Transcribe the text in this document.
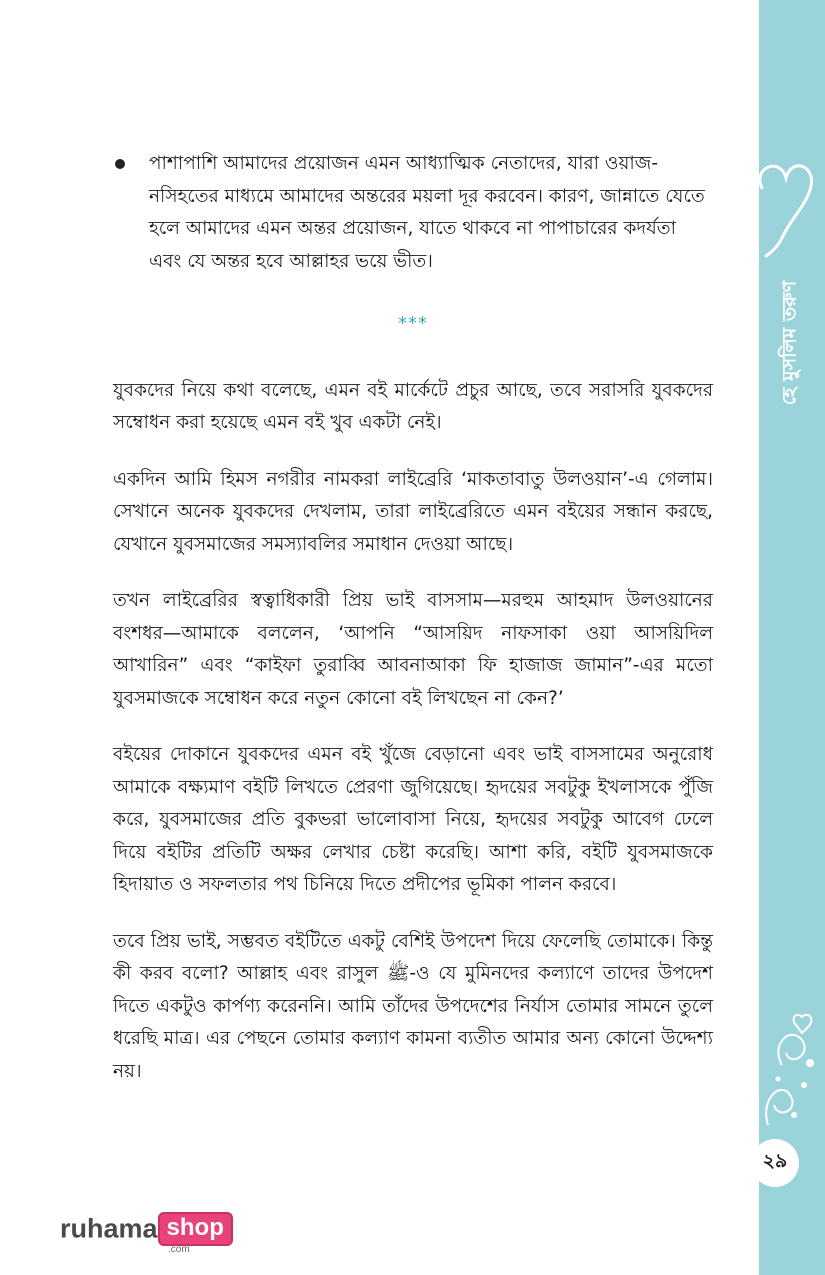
হে মুসলিম তরুণ
২৯

পাশাপাশি আমাদের প্রয়োজন এমন আধ্যাত্মিক নেতাদের, যারা ওয়াজ-নসিহতের মাধ্যমে আমাদের অন্তরের ময়লা দূর করবেন। কারণ, জান্নাতে যেতে হলে আমাদের এমন অন্তর প্রয়োজন, যাতে থাকবে না পাপাচারের কদর্যতা এবং যে অন্তর হবে আল্লাহর ভয়ে ভীত।

***

যুবকদের নিয়ে কথা বলেছে, এমন বই মার্কেটে প্রচুর আছে, তবে সরাসরি যুবকদের সম্বোধন করা হয়েছে এমন বই খুব একটা নেই।

একদিন আমি হিমস নগরীর নামকরা লাইব্রেরি ‘মাকতাবাতু উলওয়ান’-এ গেলাম। সেখানে অনেক যুবকদের দেখলাম, তারা লাইব্রেরিতে এমন বইয়ের সন্ধান করছে, যেখানে যুবসমাজের সমস্যাবলির সমাধান দেওয়া আছে।

তখন লাইব্রেরির স্বত্বাধিকারী প্রিয় ভাই বাসসাম—মরহুম আহমাদ উলওয়ানের বংশধর—আমাকে বললেন, ‘আপনি “আসয়িদ নাফসাকা ওয়া আসয়িদিল আখারিন” এবং “কাইফা তুরাব্বি আবনাআকা ফি হাজাজ জামান”-এর মতো যুবসমাজকে সম্বোধন করে নতুন কোনো বই লিখছেন না কেন?’

বইয়ের দোকানে যুবকদের এমন বই খুঁজে বেড়ানো এবং ভাই বাসসামের অনুরোধ আমাকে বক্ষ্যমাণ বইটি লিখতে প্রেরণা জুগিয়েছে। হৃদয়ের সবটুকু ইখলাসকে পুঁজি করে, যুবসমাজের প্রতি বুকভরা ভালোবাসা নিয়ে, হৃদয়ের সবটুকু আবেগ ঢেলে দিয়ে বইটির প্রতিটি অক্ষর লেখার চেষ্টা করেছি। আশা করি, বইটি যুবসমাজকে হিদায়াত ও সফলতার পথ চিনিয়ে দিতে প্রদীপের ভূমিকা পালন করবে।

তবে প্রিয় ভাই, সম্ভবত বইটিতে একটু বেশিই উপদেশ দিয়ে ফেলেছি তোমাকে। কিন্তু কী করব বলো? আল্লাহ এবং রাসুল ﷺ-ও যে মুমিনদের কল্যাণে তাদের উপদেশ দিতে একটুও কার্পণ্য করেননি। আমি তাঁদের উপদেশের নির্যাস তোমার সামনে তুলে ধরেছি মাত্র। এর পেছনে তোমার কল্যাণ কামনা ব্যতীত আমার অন্য কোনো উদ্দেশ্য নয়।

ruhama shop
.com
